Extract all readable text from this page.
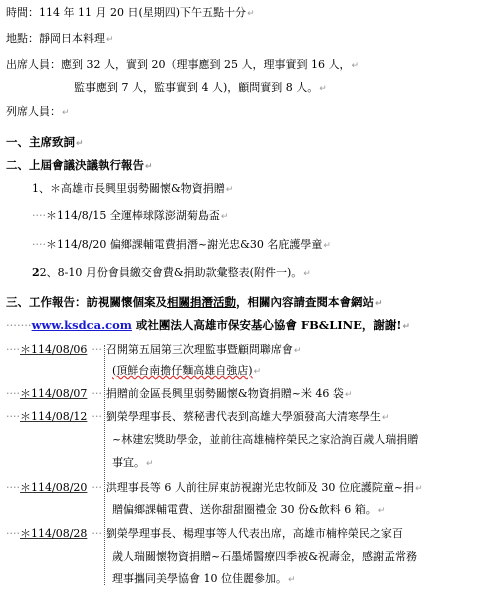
時間：114 年 11 月 20 日(星期四)下午五點十分↵
地點：靜岡日本料理↵
出席人員：應到 32 人，實到 20（理事應到 25 人，理事實到 16 人，↵
監事應到 7 人，監事實到 4 人)，顧問實到 8 人。↵
列席人員：↵
一、主席致詞↵
二、上屆會議決議執行報告↵
1、＊高雄市長興里弱勢關懷&物資捐贈↵
····＊114/8/15 全運棒球隊澎湖菊島盃↵
····＊114/8/20 偏鄉課輔電費捐潛~謝光忠&30 名庇護學童↵
22、8-10 月份會員繳交會費&捐助款彙整表(附件一)。↵
三、工作報告：訪視關懷個案及相關捐潛活動，相關內容請查閱本會網站↵
·······www.ksdca.com 或社團法人高雄市保安基心協會 FB&LINE，謝謝!↵
····＊114/08/06 ··· 召開第五屆第三次理監事暨顧問聯席會↵
(頂鮮台南擔仔麵高雄自強店)↵
····＊114/08/07 ··· 捐贈前金區長興里弱勢關懷&物資捐贈~米 46 袋↵
····＊114/08/12 ··· 劉榮學理事長、蔡秘書代表到高雄大學頒發高大清寒學生↵
~林建宏獎助學金，並前往高雄楠梓榮民之家洽詢百歲人瑞捐贈
事宜。↵
····＊114/08/20 ··· 洪理事長等 6 人前往屏東訪視謝光忠牧師及 30 位庇護院童~捐↵
贈偏鄉課輔電費、送你甜甜圈禮金 30 份&飲料 6 箱。↵
····＊114/08/28 ··· 劉榮學理事長、楊理事等人代表出席，高雄市楠梓榮民之家百
歲人瑞關懷物資捐贈~石墨烯醫療四季被&祝壽金，感謝孟常務
理事攜同美學協會 10 位佳麗參加。↵
